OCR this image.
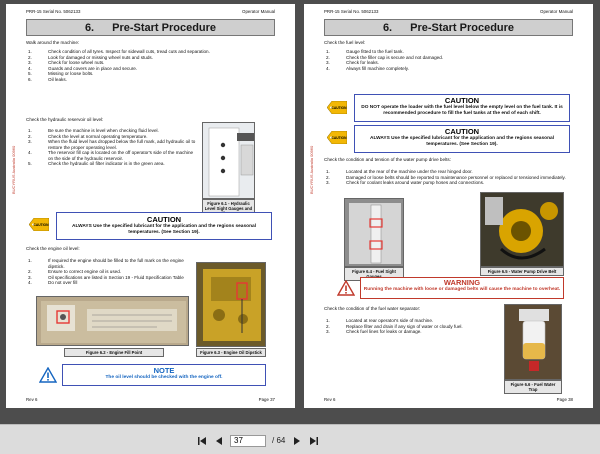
PRR-15 Serial No. 5062133	Operator Manual
6. Pre-Start Procedure
BUCYRUS Australia 00960
Walk around the machine:
1.	Check condition of all tyres. Inspect for sidewall cuts, tread cuts and separation.
2.	Look for damaged or missing wheel nuts and studs.
3.	Check for loose wheel nuts.
4.	Guards and covers are in place and secure.
5.	Missing or loose bolts.
6.	Oil leaks.
Check the hydraulic reservoir oil level:
1.	Be sure the machine is level when checking fluid level.
2.	Check the level at normal operating temperature.
3.	When the fluid level has dropped below the full mark, add hydraulic oil to restore the proper operating level.
4.	The reservoir fill cap is located on the off operator's side of the machine on the side of the hydraulic reservoir.
5.	Check the hydraulic oil filter indicator is in the green area.
Figure 6.1 - Hydraulic Level Sight Gauges and
CAUTION
CAUTION
ALWAYS Use the specified lubricant for the application and the regions seasonal temperatures. (See Section 19).
Check the engine oil level:
1.	If required the engine should be filled to the full mark on the engine dipstick.
2.	Ensure to correct engine oil is used.
3.	Oil specifications are listed in Section 19 - Fluid Specification Table
4.	Do not over fill
Figure 6.2 - Engine Fill Point	Figure 6.3 - Engine Oil Dipstick
NOTE
The oil level should be checked with the engine off.
Rev 6	Page 37
PRR-15 Serial No. 5062133	Operator Manual
6. Pre-Start Procedure
BUCYRUS Australia 00960
Check the fuel level:
1.	Gauge fitted to the fuel tank.
2.	Check the filler cap is secure and not damaged.
3.	Check for leaks.
4.	Always fill machine completely.
CAUTION
CAUTION
DO NOT operate the loader with the fuel level below the empty level on the fuel tank. It is recommended procedure to fill the fuel tanks at the end of each shift.
CAUTION
CAUTION
ALWAYS Use the specified lubricant for the application and the regions seasonal temperatures. (See Section 19).
Check the condition and tension of the water pump drive belts:
1.	Located at the rear of the machine under the rear hinged door.
2.	Damaged or loose belts should be reported to maintenance personnel or replaced or tensioned immediately.
3.	Check for coolant leaks around water pump hoses and connections.
Figure 6.4 - Fuel Sight	Figure 6.5 - Water Pump Drive Belt
WARNING
Running the machine with loose or damaged belts will cause the machine to overheat.
Check the condition of the fuel water separator:
1.	Located at rear operator's side of machine.
2.	Replace filter and drain if any sign of water or cloudy fuel.
3.	Check fuel lines for leaks or damage.
Figure 6.6 - Fuel Water Trap
Rev 6	Page 38
37	/ 64
